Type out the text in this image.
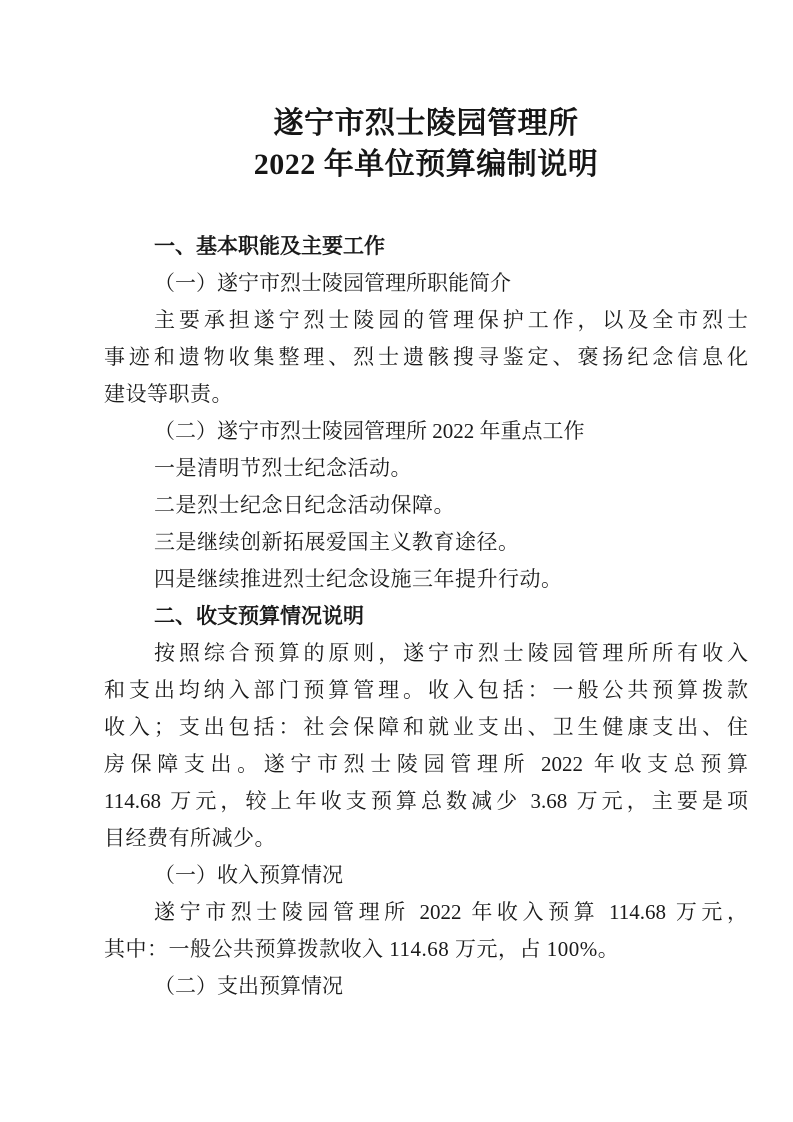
遂宁市烈士陵园管理所
2022 年单位预算编制说明
一、基本职能及主要工作
（一）遂宁市烈士陵园管理所职能简介
主要承担遂宁烈士陵园的管理保护工作，以及全市烈士
事迹和遗物收集整理、烈士遗骸搜寻鉴定、褒扬纪念信息化
建设等职责。
（二）遂宁市烈士陵园管理所 2022 年重点工作
一是清明节烈士纪念活动。
二是烈士纪念日纪念活动保障。
三是继续创新拓展爱国主义教育途径。
四是继续推进烈士纪念设施三年提升行动。
二、收支预算情况说明
按照综合预算的原则，遂宁市烈士陵园管理所所有收入
和支出均纳入部门预算管理。收入包括：一般公共预算拨款
收入；支出包括：社会保障和就业支出、卫生健康支出、住
房保障支出。遂宁市烈士陵园管理所 2022 年收支总预算
114.68 万元，较上年收支预算总数减少 3.68 万元，主要是项
目经费有所减少。
（一）收入预算情况
遂宁市烈士陵园管理所 2022 年收入预算 114.68 万元，
其中：一般公共预算拨款收入 114.68 万元，占 100%。
（二）支出预算情况
